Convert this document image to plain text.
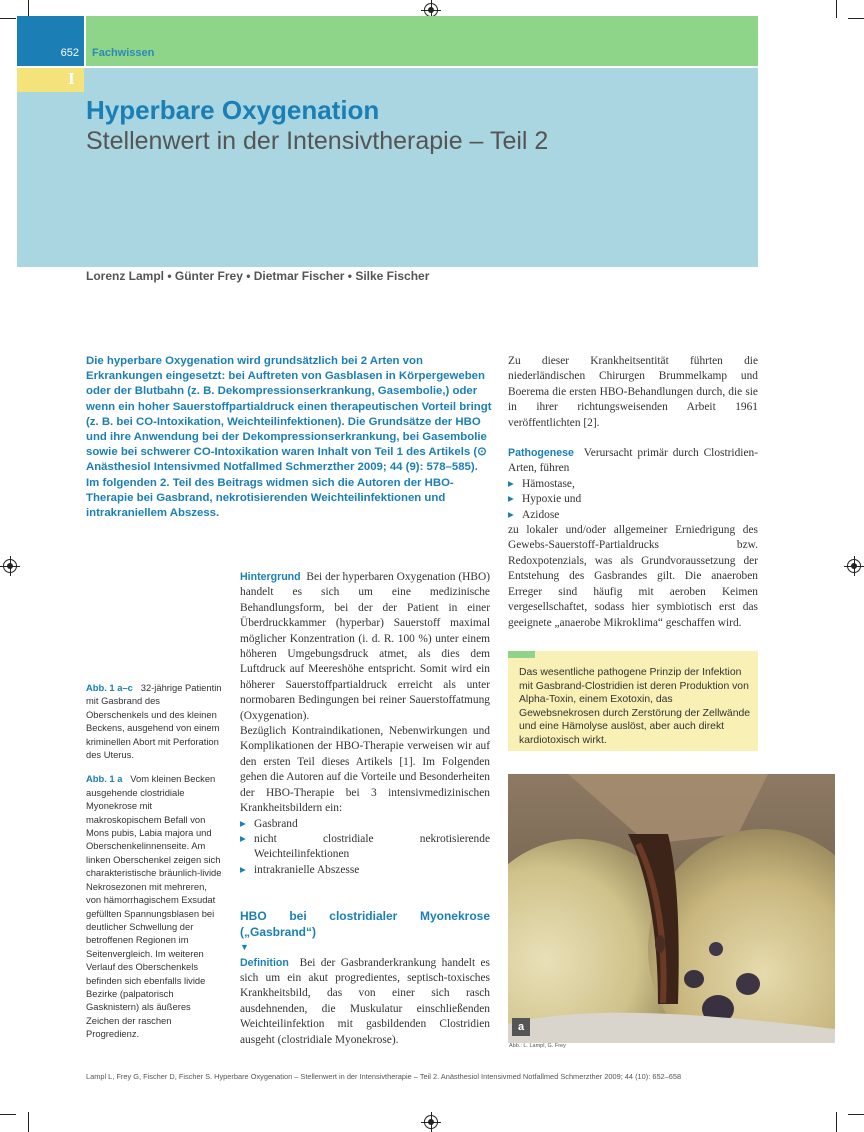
652 Fachwissen
I
Hyperbare Oxygenation
Stellenwert in der Intensivtherapie – Teil 2
Lorenz Lampl • Günter Frey • Dietmar Fischer • Silke Fischer
Die hyperbare Oxygenation wird grundsätzlich bei 2 Arten von Erkrankungen eingesetzt: bei Auftreten von Gasblasen in Körpergeweben oder der Blutbahn (z. B. Dekompressionserkrankung, Gasembolie,) oder wenn ein hoher Sauerstoffpartialdruck einen therapeutischen Vorteil bringt (z. B. bei CO-Intoxikation, Weichteilinfektionen). Die Grundsätze der HBO und ihre Anwendung bei der Dekompressionserkrankung, bei Gasembolie sowie bei schwerer CO-Intoxikation waren Inhalt von Teil 1 des Artikels (⊙ Anästhesiol Intensivmed Notfallmed Schmerzther 2009; 44 (9): 578–585). Im folgenden 2. Teil des Beitrags widmen sich die Autoren der HBO-Therapie bei Gasbrand, nekrotisierenden Weichteilinfektionen und intrakraniellem Abszess.

Abb. 1 a–c 32-jährige Patientin mit Gasbrand des Oberschenkels und des kleinen Beckens, ausgehend von einem kriminellen Abort mit Perforation des Uterus.

Abb. 1 a Vom kleinen Becken ausgehende clostridiale Myonekrose mit makroskopischem Befall von Mons pubis, Labia majora und Oberschenkelinnenseite. Am linken Oberschenkel zeigen sich charakteristische bräunlich-livide Nekrosezonen mit mehreren, von hämorrhagischem Exsudat gefüllten Spannungsblasen bei deutlicher Schwellung der betroffenen Regionen im Seitenvergleich. Im weiteren Verlauf des Oberschenkels befinden sich ebenfalls livide Bezirke (palpatorisch Gasknistern) als äußeres Zeichen der raschen Progredienz.

Hintergrund Bei der hyperbaren Oxygenation (HBO) handelt es sich um eine medizinische Behandlungsform, bei der der Patient in einer Überdruckkammer (hyperbar) Sauerstoff maximal möglicher Konzentration (i. d. R. 100 %) unter einem höheren Umgebungsdruck atmet, als dies dem Luftdruck auf Meereshöhe entspricht. Somit wird ein höherer Sauerstoffpartialdruck erreicht als unter normobaren Bedingungen bei reiner Sauerstoffatmung (Oxygenation).

Bezüglich Kontraindikationen, Nebenwirkungen und Komplikationen der HBO-Therapie verweisen wir auf den ersten Teil dieses Artikels [1]. Im Folgenden gehen die Autoren auf die Vorteile und Besonderheiten der HBO-Therapie bei 3 intensivmedizinischen Krankheitsbildern ein:

▸ Gasbrand
▸ nicht clostridiale nekrotisierende Weichteilinfektionen
▸ intrakranielle Abszesse
HBO bei clostridialer Myonekrose („Gasbrand“)
▼

Definition Bei der Gasbranderkrankung handelt es sich um ein akut progredientes, septisch-toxisches Krankheitsbild, das von einer sich rasch ausdehnenden, die Muskulatur einschließenden Weichteilinfektion mit gasbildenden Clostridien ausgeht (clostridiale Myonekrose).

Zu dieser Krankheitsentität führten die niederländischen Chirurgen Brummelkamp und Boerema die ersten HBO-Behandlungen durch, die sie in ihrer richtungsweisenden Arbeit 1961 veröffentlichten [2].

Pathogenese Verursacht primär durch Clostridien-Arten, führen

▸ Hämostase,
▸ Hypoxie und
▸ Azidose

zu lokaler und/oder allgemeiner Erniedrigung des Gewebs-Sauerstoff-Partialdrucks bzw. Redoxpotenzials, was als Grundvoraussetzung der Entstehung des Gasbrandes gilt. Die anaeroben Erreger sind häufig mit aeroben Keimen vergesellschaftet, sodass hier symbiotisch erst das geeignete „anaerobe Mikroklima“ geschaffen wird.

Das wesentliche pathogene Prinzip der Infektion mit Gasbrand-Clostridien ist deren Produktion von Alpha-Toxin, einem Exotoxin, das Gewebsnekrosen durch Zerstörung der Zellwände und eine Hämolyse auslöst, aber auch direkt kardiotoxisch wirkt.
a
Abb.: L. Lampl, G. Frey
Lampl L, Frey G, Fischer D, Fischer S. Hyperbare Oxygenation – Stellenwert in der Intensivtherapie – Teil 2. Anästhesiol Intensivmed Notfallmed Schmerzther 2009; 44 (10): 652–658
